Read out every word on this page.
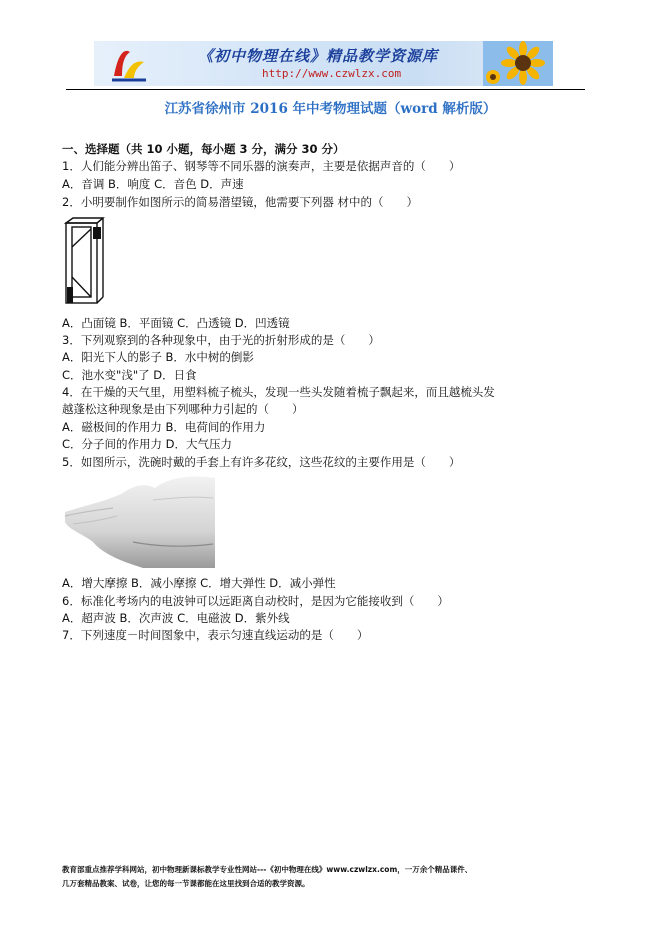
《初中物理在线》精品教学资源库
http://www.czwlzx.com
江苏省徐州市 2016 年中考物理试题（word 解析版）
一、选择题（共 10 小题，每小题 3 分，满分 30 分）
1．人们能分辨出笛子、钢琴等不同乐器的演奏声，主要是依据声音的（　　）
A．音调 B．响度 C．音色 D．声速
2．小明要制作如图所示的简易潜望镜，他需要下列器 材中的（　　）
A．凸面镜 B．平面镜 C．凸透镜 D．凹透镜
3．下列观察到的各种现象中，由于光的折射形成的是（　　）
A．阳光下人的影子 B．水中树的倒影
C．池水变"浅"了 D．日食
4．在干燥的天气里，用塑料梳子梳头，发现一些头发随着梳子飘起来，而且越梳头发
越蓬松这种现象是由下列哪种力引起的（　　）
A．磁极间的作用力 B．电荷间的作用力
C．分子间的作用力 D．大气压力
5．如图所示，洗碗时戴的手套上有许多花纹，这些花纹的主要作用是（　　）
A．增大摩擦 B．减小摩擦 C．增大弹性 D．减小弹性
6．标准化考场内的电波钟可以远距离自动校时，是因为它能接收到（　　）
A．超声波 B．次声波 C．电磁波 D．紫外线
7．下列速度－时间图象中，表示匀速直线运动的是（　　）
教育部重点推荐学科网站，初中物理新课标教学专业性网站---《初中物理在线》www.czwlzx.com，一万余个精品课件、
几万套精品教案、试卷，让您的每一节课都能在这里找到合适的教学资源。
